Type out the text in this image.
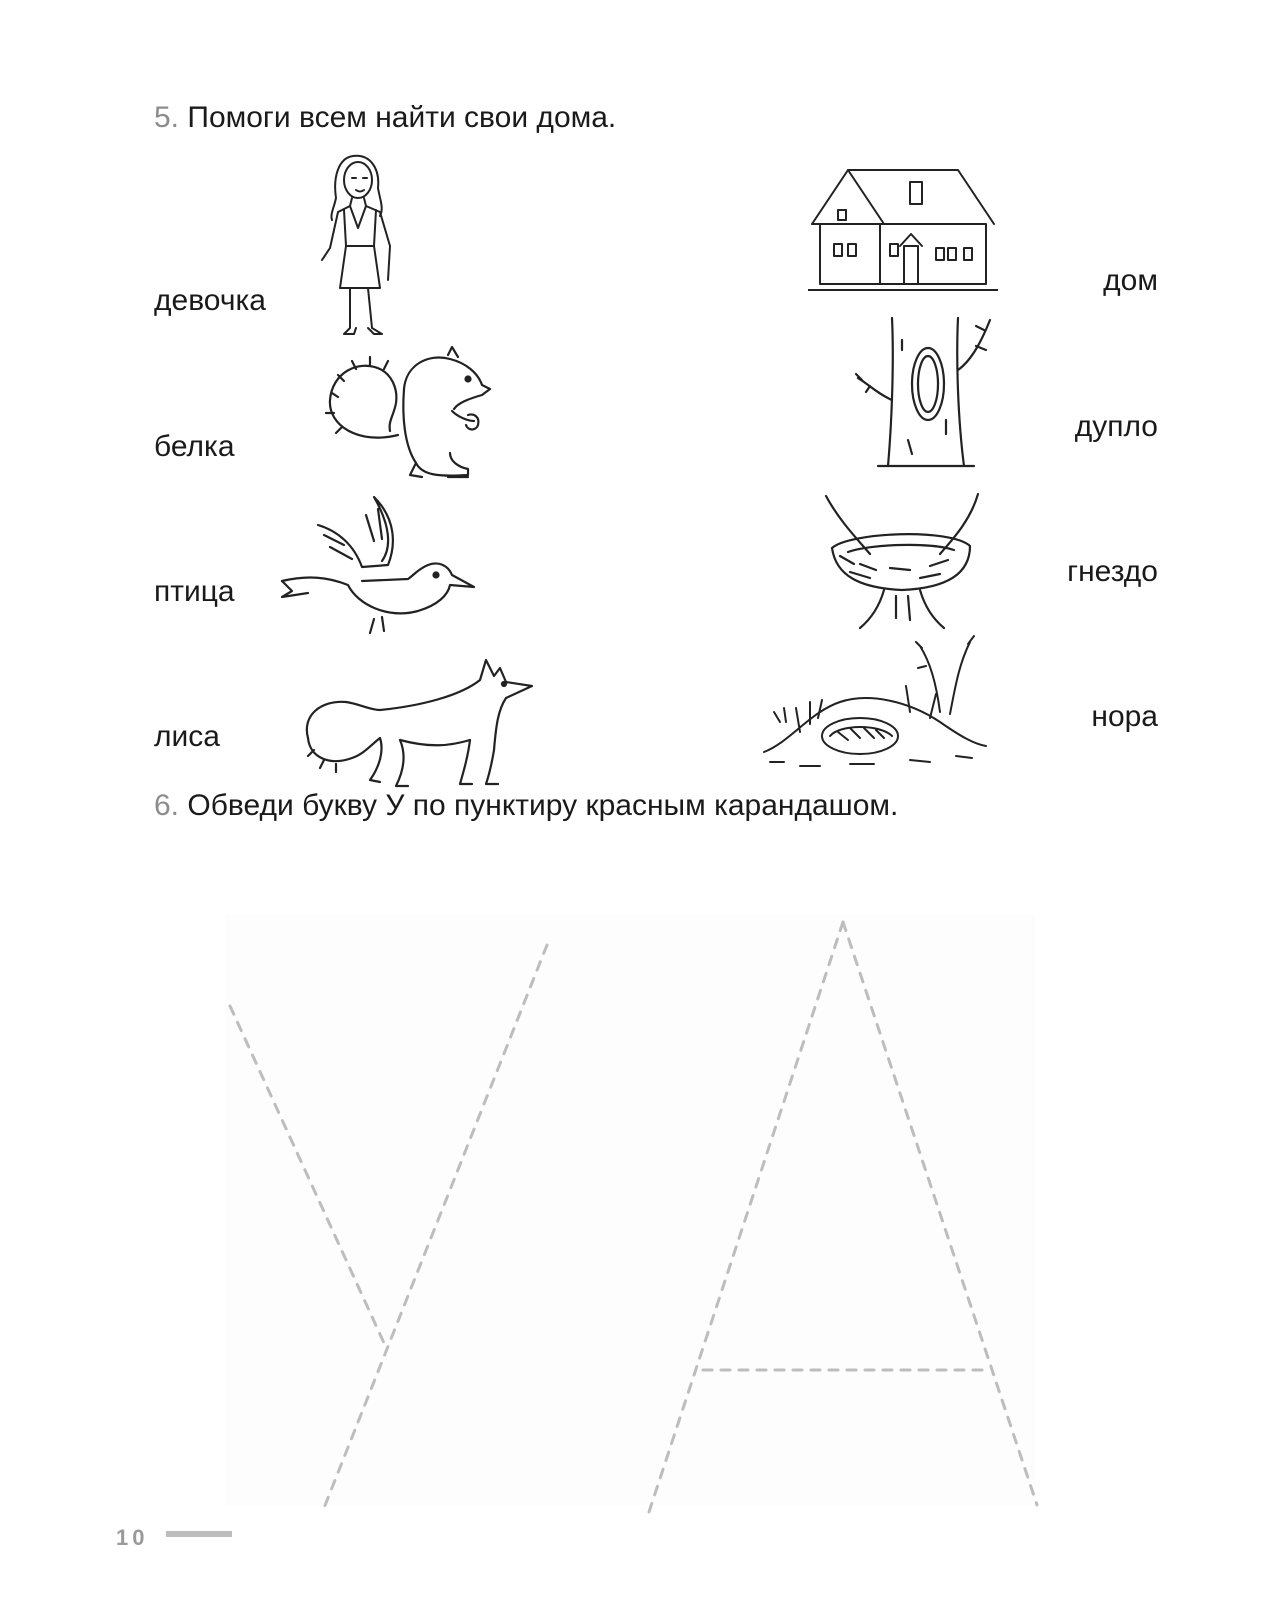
5. Помоги всем найти свои дома.
девочка
белка
птица
лиса
дом
дупло
гнездо
нора
6. Обведи букву У по пунктиру красным карандашом.
10
